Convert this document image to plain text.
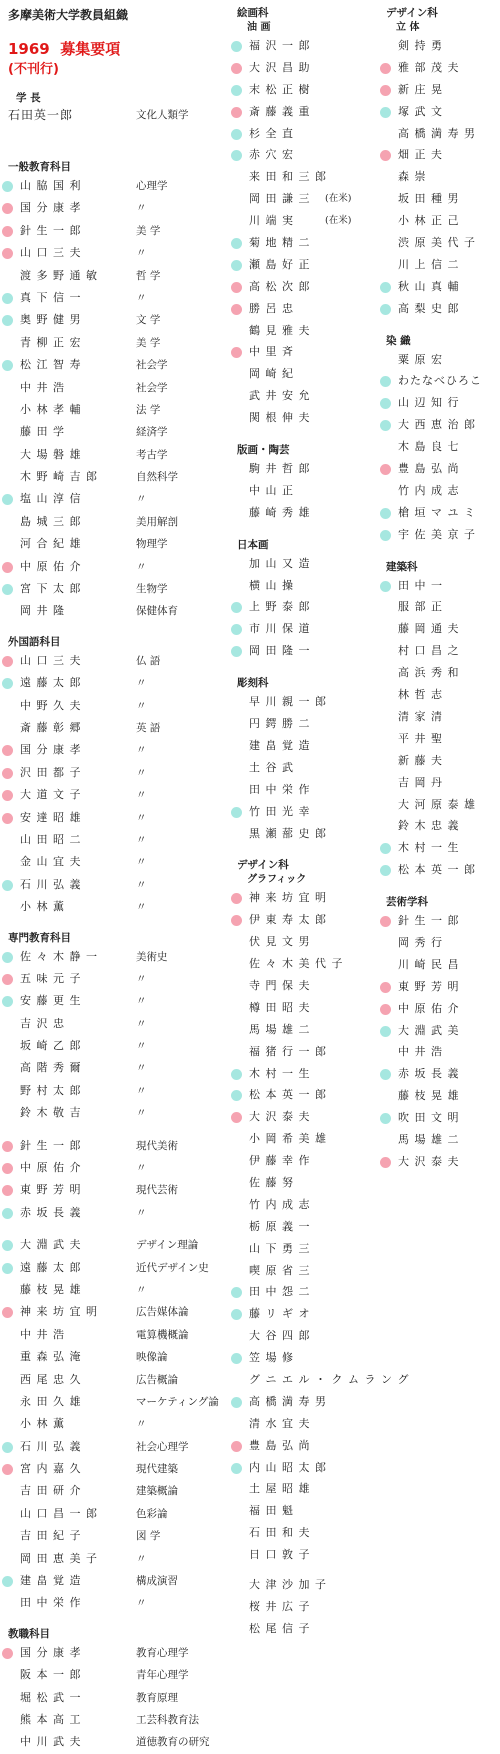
多摩美術大学教員組織
1969 募集要項
(不刊行)
学 長
石田英一郎	文化人類学
一般教育科目
山 脇 国 利	心理学
国 分 康 孝	〃
針 生 一 郎	美 学
山 口 三 夫	〃
渡 多 野 通 敏	哲 学
真 下 信 一	〃
奥 野 健 男	文 学
青 柳 正 宏	美 学
松 江 智 寿	社会学
中 井 浩	社会学
小 林 孝 輔	法 学
藤 田 学	経済学
大 場 磐 雄	考古学
木 野 崎 吉 郎	自然科学
塩 山 淳 信	〃
島 城 三 郎	美用解剖
河 合 紀 雄	物理学
中 原 佑 介	〃
宮 下 太 郎	生物学
岡 井 隆	保健体育
外国語科目
山 口 三 夫	仏 語
遠 藤 太 郎	〃
中 野 久 夫	〃
斎 藤 彰 郷	英 語
国 分 康 孝	〃
沢 田 都 子	〃
大 道 文 子	〃
安 達 昭 雄	〃
山 田 昭 二	〃
金 山 宜 夫	〃
石 川 弘 義	〃
小 林 薫	〃
専門教育科目
佐 々 木 静 一	美術史
五 味 元 子	〃
安 藤 更 生	〃
吉 沢 忠	〃
坂 崎 乙 郎	〃
高 階 秀 爾	〃
野 村 太 郎	〃
鈴 木 敬 吉	〃
針 生 一 郎	現代美術
中 原 佑 介	〃
東 野 芳 明	現代芸術
赤 坂 長 義	〃
大 淵 武 夫	デザイン理論
遠 藤 太 郎	近代デザイン史
藤 枝 晃 雄	〃
神 来 坊 宜 明	広告媒体論
中 井 浩	電算機概論
重 森 弘 淹	映像論
西 尾 忠 久	広告概論
永 田 久 雄	マーケティング論
小 林 薫	〃
石 川 弘 義	社会心理学
宮 内 嘉 久	現代建築
吉 田 研 介	建築概論
山 口 昌 一 郎	色彩論
吉 田 紀 子	図 学
岡 田 恵 美 子	〃
建 畠 覚 造	構成演習
田 中 栄 作	〃
教職科目
国 分 康 孝	教育心理学
阪 本 一 郎	青年心理学
堀 松 武 一	教育原理
熊 本 高 工	工芸科教育法
中 川 武 夫	道徳教育の研究
絵画科
油 画
福 沢 一 郎
大 沢 昌 助
末 松 正 樹
斎 藤 義 重
杉 全 直
赤 穴 宏
来 田 和 三 郎
岡 田 謙 三 (在米)
川 端 実	(在米)
菊 地 精 二
瀬 島 好 正
高 松 次 郎
勝 呂 忠
鶴 見 雅 夫
中 里 斉
岡 崎 紀
武 井 安 允
関 根 伸 夫
版画・陶芸
駒 井 哲 郎
中 山 正
藤 崎 秀 雄
日本画
加 山 又 造
横 山 操
上 野 泰 郎
市 川 保 道
岡 田 隆 一
彫刻科
早 川 親 一 郎
円 鍔 勝 二
建 畠 覚 造
土 谷 武
田 中 栄 作
竹 田 光 幸
黒 瀬 蔀 史 郎
デザイン科
グラフィック
神 来 坊 宜 明
伊 東 寿 太 郎
伏 見 文 男
佐 々 木 美 代 子
寺 門 保 夫
樽 田 昭 夫
馬 場 雄 二
福 猪 行 一 郎
木 村 一 生
松 本 英 一 郎
大 沢 泰 夫
小 岡 希 美 雄
伊 藤 幸 作
佐 藤 努
竹 内 成 志
栃 原 義 一
山 下 勇 三
喫 原 省 三
田 中 怨 二
藤 リ ギ オ
大 谷 四 郎
笠 場 修
グ ニ エ ル ・ ク ム ラ ン グ
高 橋 満 寿 男
清 水 宜 夫
豊 島 弘 尚
内 山 昭 太 郎
土 屋 昭 雄
福 田 魁
石 田 和 夫
日 口 敦 子
大 津 沙 加 子
桜 井 広 子
松 尾 信 子
デザイン科
立 体
剣 持 勇
雅 部 茂 夫
新 庄 晃
塚 武 文
高 橋 満 寿 男
畑 正 夫
森 崇
坂 田 種 男
小 林 正 己
渋 原 美 代 子
川 上 信 二
秋 山 真 輔
高 梨 史 郎
染 織
粟 原 宏
わたなべひろこ
山 辺 知 行
大 西 恵 治 郎
木 島 良 七
豊 島 弘 尚
竹 内 成 志
槍 垣 マ ユ ミ
宇 佐 美 京 子
建築科
田 中 一
服 部 正
藤 岡 通 夫
村 口 昌 之
高 浜 秀 和
林 哲 志
清 家 清
平 井 聖
新 藤 夫
吉 岡 丹
大 河 原 泰 雄
鈴 木 忠 義
木 村 一 生
松 本 英 一 郎
芸術学科
針 生 一 郎
岡 秀 行
川 崎 民 昌
東 野 芳 明
中 原 佑 介
大 淵 武 美
中 井 浩
赤 坂 長 義
藤 枝 晃 雄
吹 田 文 明
馬 場 雄 二
大 沢 泰 夫
